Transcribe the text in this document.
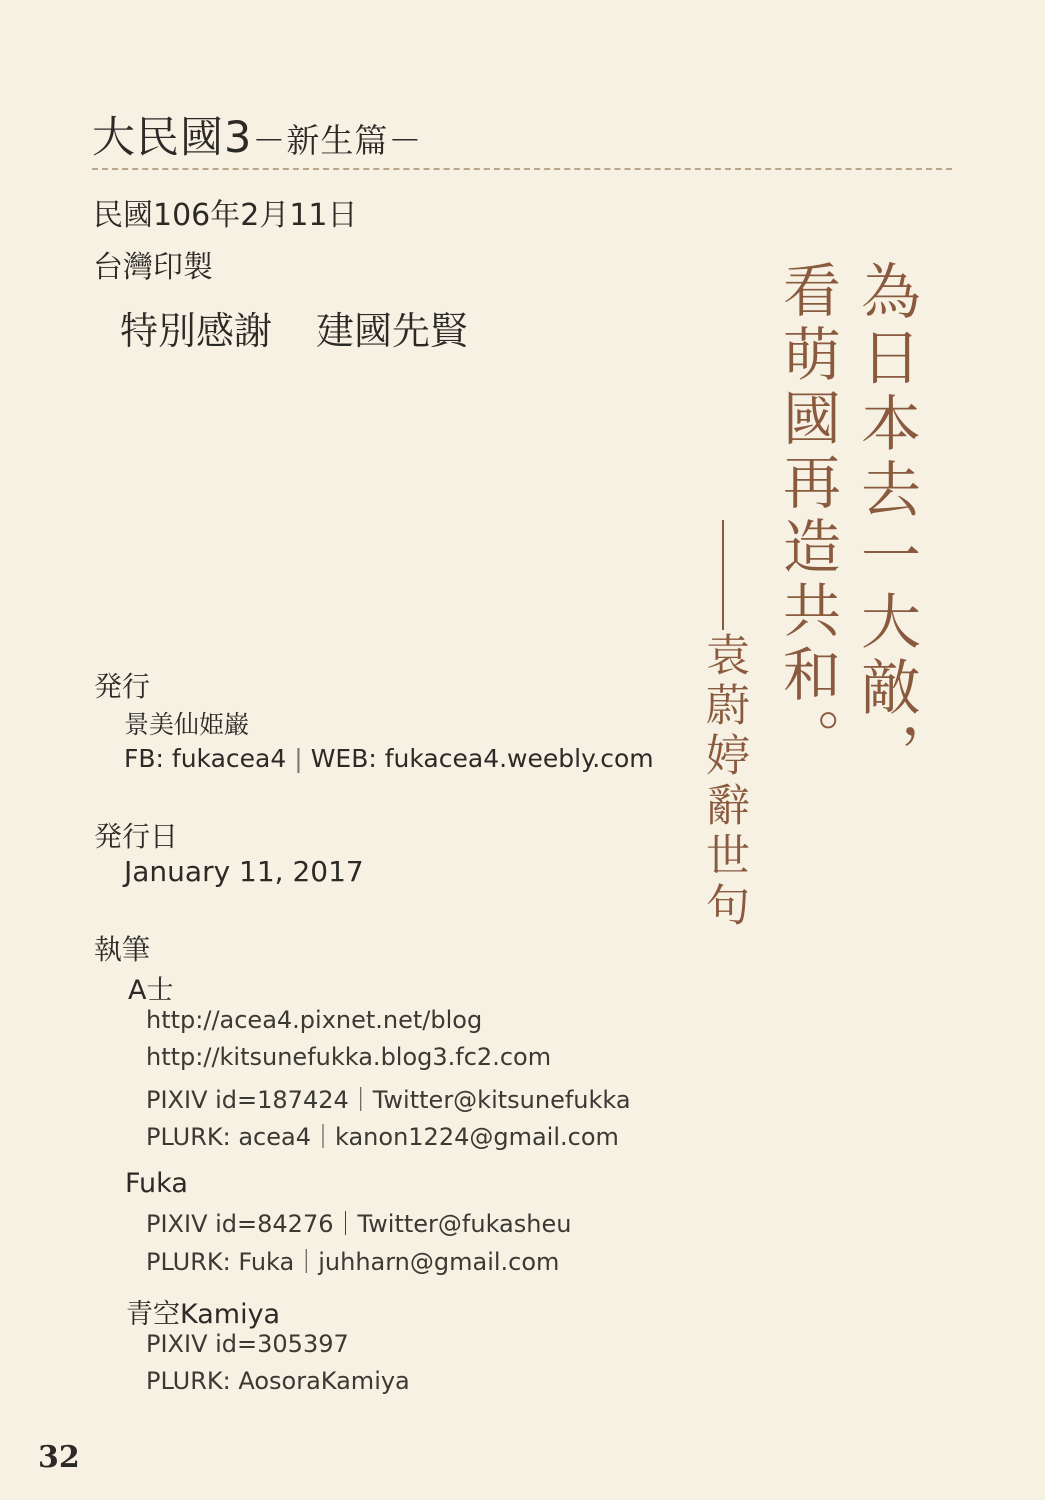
大民國3－新生篇－
民國106年2月11日
台灣印製
特別感謝 建國先賢
発行
景美仙姫巌
FB: fukacea4 | WEB: fukacea4.weebly.com
発行日
January 11, 2017
執筆
A士
http://acea4.pixnet.net/blog
http://kitsunefukka.blog3.fc2.com
PIXIV id=187424｜Twitter@kitsunefukka
PLURK: acea4｜kanon1224@gmail.com
Fuka
PIXIV id=84276｜Twitter@fukasheu
PLURK: Fuka｜juhharn@gmail.com
青空Kamiya
PIXIV id=305397
PLURK: AosoraKamiya
為日本去一大敵，
看萌國再造共和。
袁蔚婷辭世句
32
